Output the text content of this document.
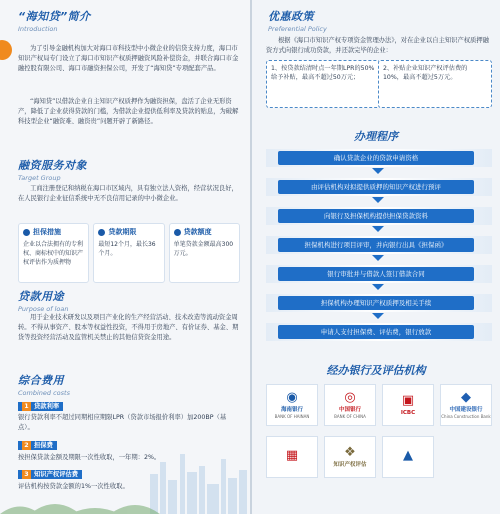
“海知贷”简介
Introduction
为了引导金融机构加大对海口市科技型中小微企业的信贷支持力度，海口市知识产权局专门设立了海口市知识产权质押融资风险补偿资金，并联合海口市金融控股有限公司、海口市融资担保公司，开发了“海知贷”专项配套产品。
“海知贷”以借款企业自主知识产权质押作为融资担保，盘活了企业无形资产，降低了企业获得贷款的门槛，为借款企业提供低利率及贷款的贴息，为破解科技型企业“融资难、融资贵”问题开辟了新路径。
融资服务对象
Target Group
工商注册登记和纳税在海口市区域内，具有独立法人资格，经营状况良好，在人民银行企业征信系统中无不良信用记录的中小微企业。
担保措施
企业以合法拥有的专利权、商标权中的知识产权评估作为质押物
贷款期限
最短12个月，最长36个月。
贷款额度
单笔贷款金额最高300万元。
贷款用途
Purpose of loan
用于企业技术研发以及项目产业化的生产经营活动、技术改造等流动资金周转。不得从事资产、股本等权益性投资，不得用于房地产、有价证券、基金、期货等投资经营活动及监管机关禁止的其他信贷资金用途。
综合费用
Combined costs
1 贷款利率
银行贷款利率不超过同期相应期限LPR（贷款市场报价利率）加200BP（基点）。
2 担保费
按担保贷款金额及期限一次性收取，一年期：2%。
3 知识产权评估费
评估机构按贷款金额的1%一次性收取。
优惠政策
Preferential Policy
根据《海口市知识产权专项资金管理办法》，对在企业以自主知识产权质押融资方式向银行成功贷款，并还款完毕的企业：
1、按贷款结清时点一年期LPR的50%给予补贴，最高不超过50万元；
2、补贴企业知识产权评估费的10%，最高不超过5万元。
办理程序
确认贷款企业的贷款申请资格
由评估机构对拟提供质押的知识产权进行预评
向银行及担保机构提供担保贷款资料
担保机构进行项目评审，并向银行出具《担保函》
银行审批并与借款人签订借款合同
担保机构办理知识产权质押及相关手续
申请人支付担保费、评估费，银行放款
经办银行及评估机构
◉
海南银行
BANK OF HAINAN
◎
中国银行
BANK OF CHINA
▣
ICBC
◆
中国建设银行
China Construction Bank
▦	❖
知识产权评估
▲
